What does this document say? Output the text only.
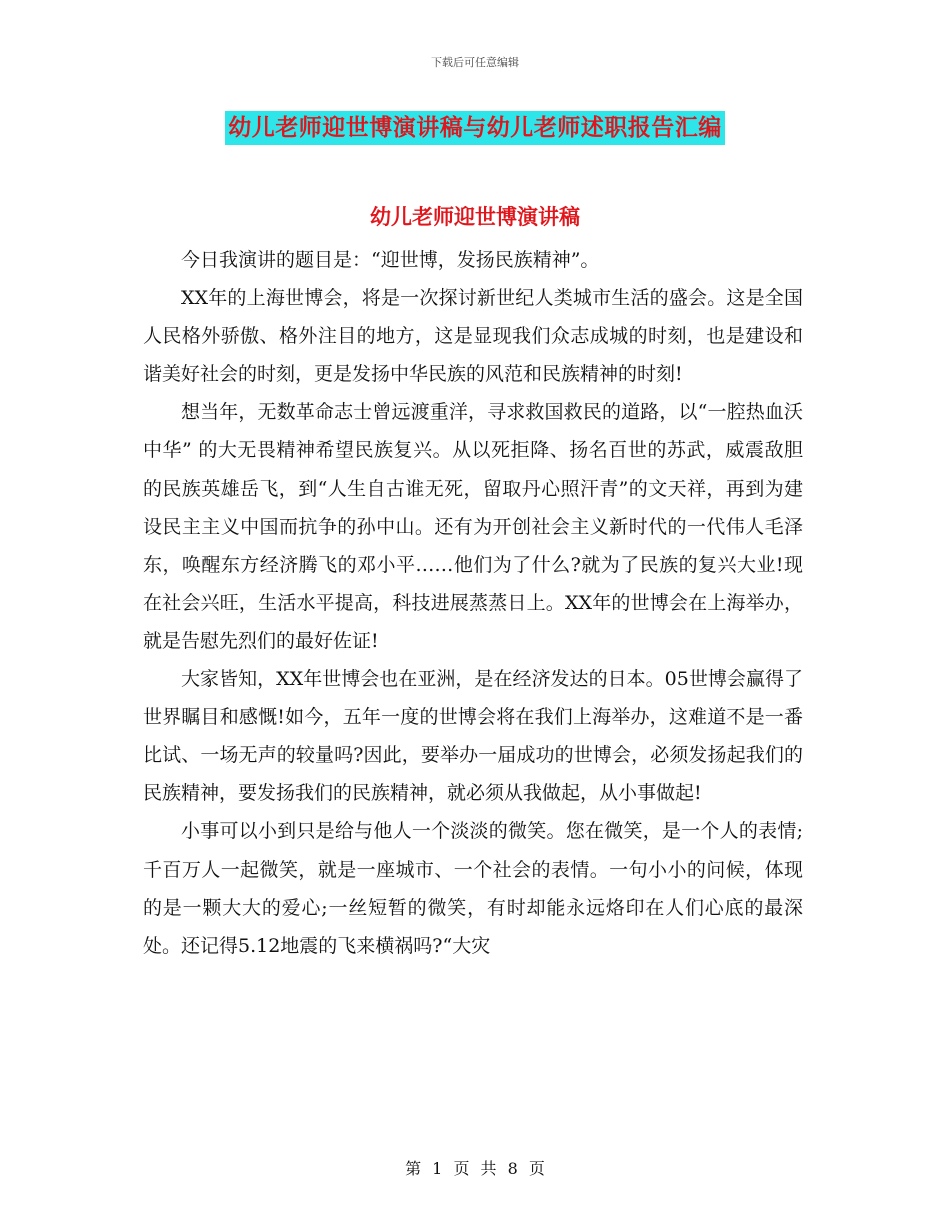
下载后可任意编辑
幼儿老师迎世博演讲稿与幼儿老师述职报告汇编
幼儿老师迎世博演讲稿

今日我演讲的题目是：“迎世博，发扬民族精神”。

XX年的上海世博会，将是一次探讨新世纪人类城市生活的盛会。这是全国人民格外骄傲、格外注目的地方，这是显现我们众志成城的时刻，也是建设和谐美好社会的时刻，更是发扬中华民族的风范和民族精神的时刻!

想当年，无数革命志士曾远渡重洋，寻求救国救民的道路，以“一腔热血沃中华” 的大无畏精神希望民族复兴。从以死拒降、扬名百世的苏武，威震敌胆的民族英雄岳飞，到“人生自古谁无死，留取丹心照汗青”的文天祥，再到为建设民主主义中国而抗争的孙中山。还有为开创社会主义新时代的一代伟人毛泽东，唤醒东方经济腾飞的邓小平……他们为了什么?就为了民族的复兴大业!现在社会兴旺，生活水平提高，科技进展蒸蒸日上。XX年的世博会在上海举办，就是告慰先烈们的最好佐证!

大家皆知，XX年世博会也在亚洲，是在经济发达的日本。05世博会赢得了世界瞩目和感慨!如今，五年一度的世博会将在我们上海举办，这难道不是一番比试、一场无声的较量吗?因此，要举办一届成功的世博会，必须发扬起我们的民族精神，要发扬我们的民族精神，就必须从我做起，从小事做起!

小事可以小到只是给与他人一个淡淡的微笑。您在微笑，是一个人的表情;千百万人一起微笑，就是一座城市、一个社会的表情。一句小小的问候，体现的是一颗大大的爱心;一丝短暂的微笑，有时却能永远烙印在人们心底的最深处。还记得5.12地震的飞来横祸吗?“大灾

第 1 页 共 8 页
